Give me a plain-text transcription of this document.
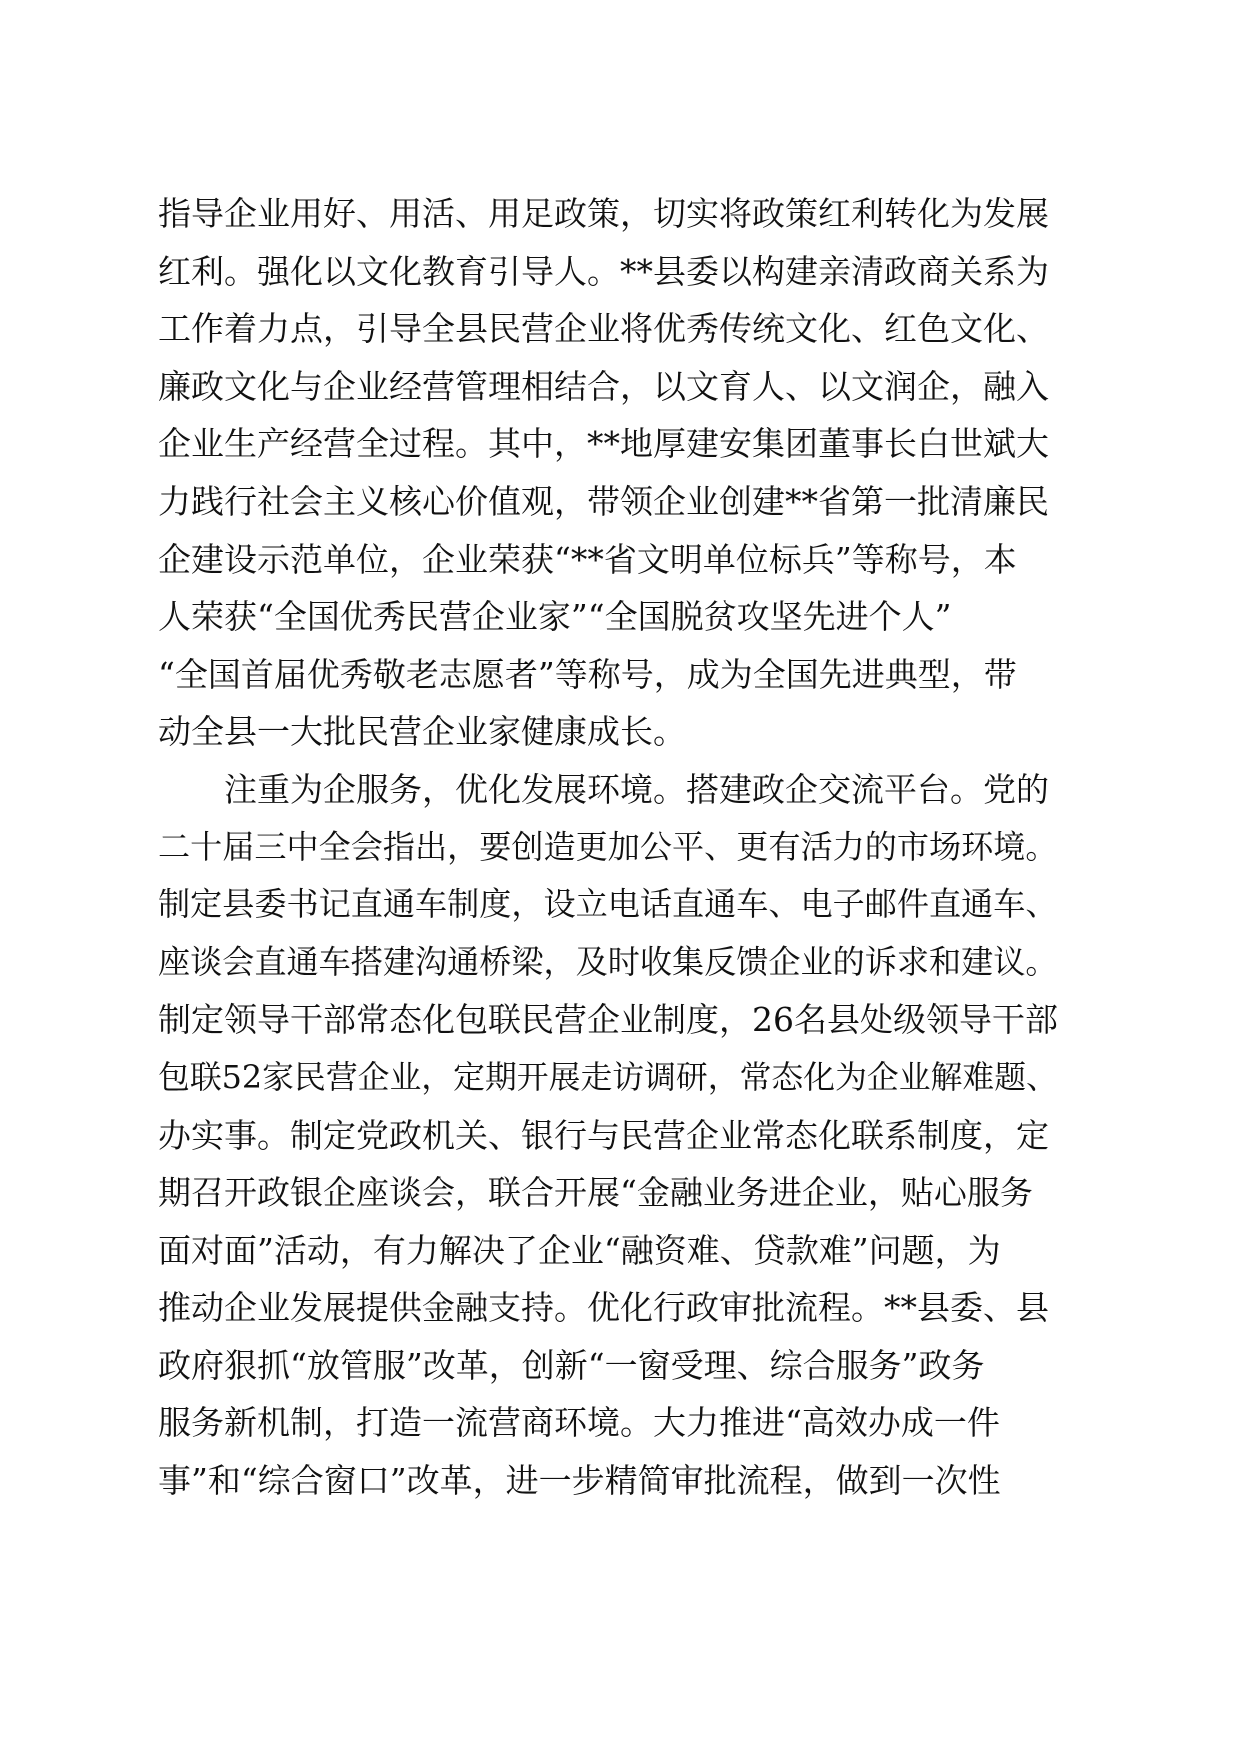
指导企业用好、用活、用足政策，切实将政策红利转化为发展
红利。强化以文化教育引导人。**县委以构建亲清政商关系为
工作着力点，引导全县民营企业将优秀传统文化、红色文化、
廉政文化与企业经营管理相结合，以文育人、以文润企，融入
企业生产经营全过程。其中，**地厚建安集团董事长白世斌大
力践行社会主义核心价值观，带领企业创建**省第一批清廉民
企建设示范单位，企业荣获“**省文明单位标兵”等称号，本
人荣获“全国优秀民营企业家”“全国脱贫攻坚先进个人”
“全国首届优秀敬老志愿者”等称号，成为全国先进典型，带
动全县一大批民营企业家健康成长。
注重为企服务，优化发展环境。搭建政企交流平台。党的
二十届三中全会指出，要创造更加公平、更有活力的市场环境。
制定县委书记直通车制度，设立电话直通车、电子邮件直通车、
座谈会直通车搭建沟通桥梁，及时收集反馈企业的诉求和建议。
制定领导干部常态化包联民营企业制度，26名县处级领导干部
包联52家民营企业，定期开展走访调研，常态化为企业解难题、
办实事。制定党政机关、银行与民营企业常态化联系制度，定
期召开政银企座谈会，联合开展“金融业务进企业，贴心服务
面对面”活动，有力解决了企业“融资难、贷款难”问题，为
推动企业发展提供金融支持。优化行政审批流程。**县委、县
政府狠抓“放管服”改革，创新“一窗受理、综合服务”政务
服务新机制，打造一流营商环境。大力推进“高效办成一件
事”和“综合窗口”改革，进一步精简审批流程，做到一次性
